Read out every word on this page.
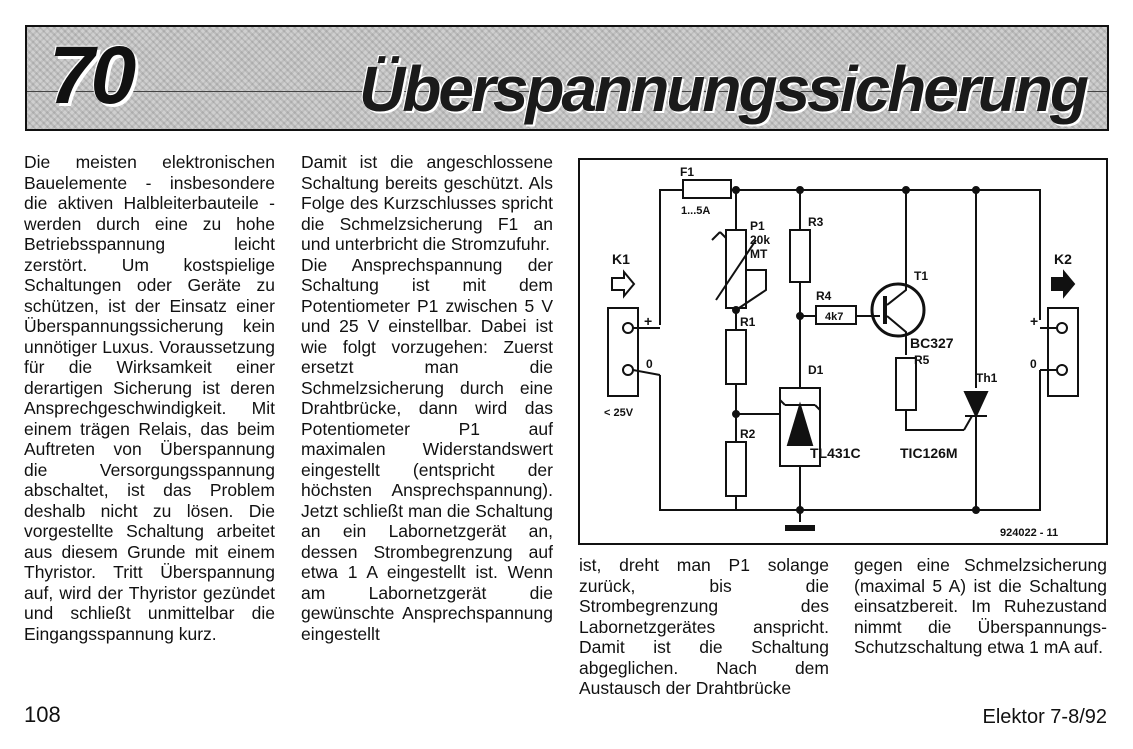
70	Überspannungssicherung

Die meisten elektronischen Bauelemente - insbesondere die aktiven Halbleiterbauteile - werden durch eine zu hohe Betriebsspannung leicht zerstört. Um kostspielige Schaltungen oder Geräte zu schützen, ist der Einsatz einer Überspannungssicherung kein unnötiger Luxus. Voraussetzung für die Wirksamkeit einer derartigen Sicherung ist deren Ansprechgeschwindigkeit. Mit einem trägen Relais, das beim Auftreten von Überspannung die Versorgungsspannung abschaltet, ist das Problem deshalb nicht zu lösen. Die vorgestellte Schaltung arbeitet aus diesem Grunde mit einem Thyristor. Tritt Überspannung auf, wird der Thyristor gezündet und schließt unmittelbar die Eingangsspannung kurz.

Damit ist die angeschlossene Schaltung bereits geschützt. Als Folge des Kurzschlusses spricht die Schmelzsicherung F1 an und unterbricht die Stromzufuhr.

Die Ansprechspannung der Schaltung ist mit dem Potentiometer P1 zwischen 5 V und 25 V einstellbar. Dabei ist wie folgt vorzugehen: Zuerst ersetzt man die Schmelzsicherung durch eine Drahtbrücke, dann wird das Potentiometer P1 auf maximalen Widerstandswert eingestellt (entspricht der höchsten Ansprechspannung). Jetzt schließt man die Schaltung an ein Labornetzgerät an, dessen Strombegrenzung auf etwa 1 A eingestellt ist. Wenn am Labornetzgerät die gewünschte Ansprechspannung eingestellt

F1
1...5A
P1
20k
MT
R1
R2
R3
R4
4k7
R5
D1
TL431C
T1
BC327
Th1
TIC126M
K1	K2
+
0
+
0
< 25V
924022 - 11

ist, dreht man P1 solange zurück, bis die Strombegrenzung des Labornetzgerätes anspricht. Damit ist die Schaltung abgeglichen. Nach dem Austausch der Drahtbrücke

gegen eine Schmelzsicherung (maximal 5 A) ist die Schaltung einsatzbereit. Im Ruhezustand nimmt die Überspannungs-Schutzschaltung etwa 1 mA auf.

108	Elektor 7-8/92
